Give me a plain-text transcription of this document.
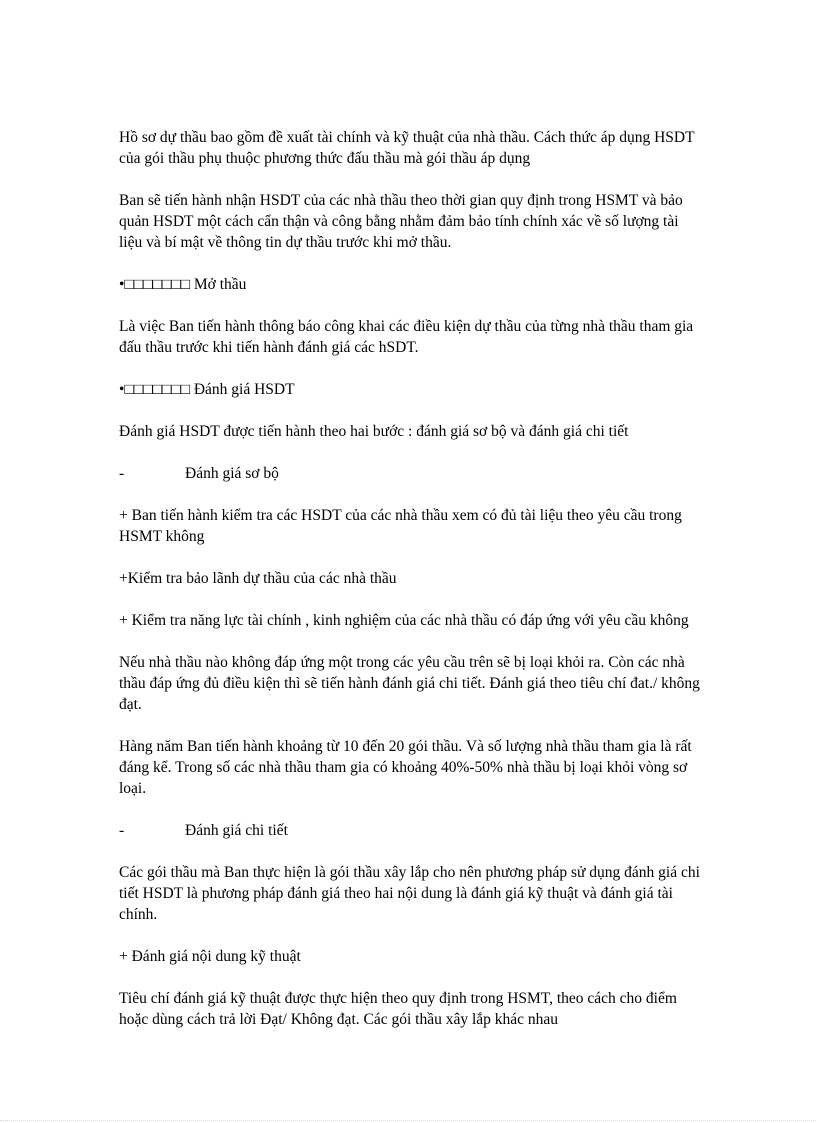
Hồ sơ dự thầu bao gồm đề xuất tài chính và kỹ thuật của nhà thầu. Cách thức áp dụng HSDT của gói thầu phụ thuộc phương thức đấu thầu mà gói thầu áp dụng

Ban sẽ tiến hành nhận HSDT của các nhà thầu theo thời gian quy định trong HSMT và bảo quản HSDT một cách cẩn thận và công bằng nhằm đảm bảo tính chính xác về số lượng tài liệu và bí mật về thông tin dự thầu trước khi mở thầu.

•□□□□□□□ Mở thầu

Là việc Ban tiến hành thông báo công khai các điều kiện dự thầu của từng nhà thầu tham gia đấu thầu trước khi tiến hành đánh giá các hSDT.

•□□□□□□□ Đánh giá HSDT

Đánh giá HSDT được tiến hành theo hai bước : đánh giá sơ bộ và đánh giá chi tiết

-	Đánh giá sơ bộ

+ Ban tiến hành kiểm tra các HSDT của các nhà thầu xem có đủ tài liệu theo yêu cầu trong HSMT không

+Kiểm tra bảo lãnh dự thầu của các nhà thầu

+ Kiểm tra năng lực tài chính , kinh nghiệm của các nhà thầu có đáp ứng với yêu cầu không

Nếu nhà thầu nào không đáp ứng một trong các yêu cầu trên sẽ bị loại khỏi ra. Còn các nhà thầu đáp ứng đủ điều kiện thì sẽ tiến hành đánh giá chi tiết. Đánh giá theo tiêu chí đat./ không đạt.

Hàng năm Ban tiến hành khoảng từ 10 đến 20 gói thầu. Và số lượng nhà thầu tham gia là rất đáng kể. Trong số các nhà thầu tham gia có khoảng 40%-50% nhà thầu bị loại khỏi vòng sơ loại.

-	Đánh giá chi tiết

Các gói thầu mà Ban thực hiện là gói thầu xây lắp cho nên phương pháp sử dụng đánh giá chi tiết HSDT là phương pháp đánh giá theo hai nội dung là đánh giá kỹ thuật và đánh giá tài chính.

+ Đánh giá nội dung kỹ thuật

Tiêu chí đánh giá kỹ thuật được thực hiện theo quy định trong HSMT, theo cách cho điểm hoặc dùng cách trả lời Đạt/ Không đạt. Các gói thầu xây lắp khác nhau
